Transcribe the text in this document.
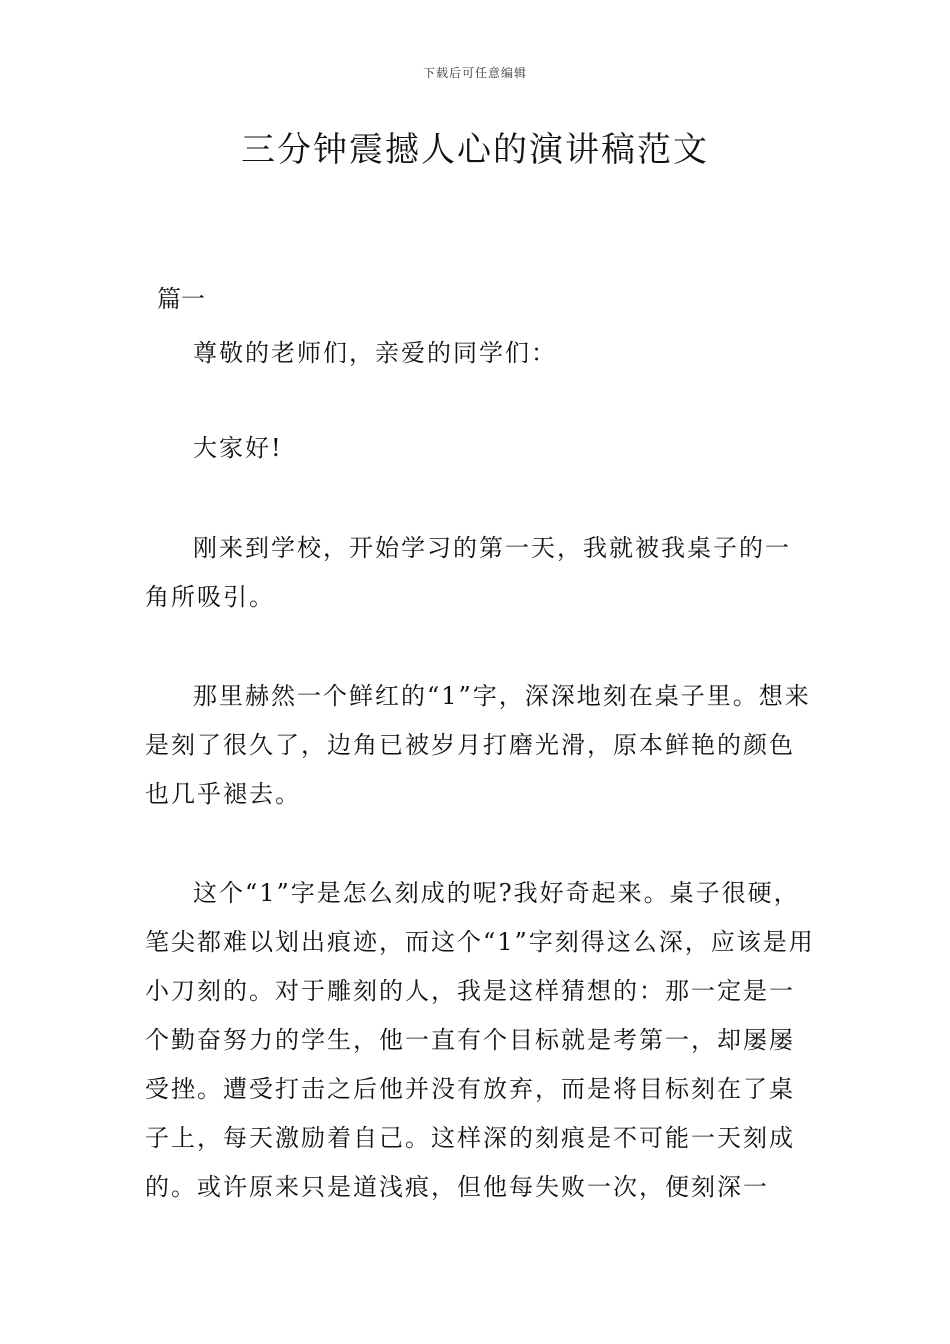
下载后可任意编辑
三分钟震撼人心的演讲稿范文
篇一

尊敬的老师们，亲爱的同学们：

大家好!

刚来到学校，开始学习的第一天，我就被我桌子的一角所吸引。

那里赫然一个鲜红的“1”字，深深地刻在桌子里。想来是刻了很久了，边角已被岁月打磨光滑，原本鲜艳的颜色也几乎褪去。

这个“1”字是怎么刻成的呢?我好奇起来。桌子很硬，笔尖都难以划出痕迹，而这个“1”字刻得这么深，应该是用小刀刻的。对于雕刻的人，我是这样猜想的：那一定是一个勤奋努力的学生，他一直有个目标就是考第一，却屡屡受挫。遭受打击之后他并没有放弃，而是将目标刻在了桌子上，每天激励着自己。这样深的刻痕是不可能一天刻成的。或许原来只是道浅痕，但他每失败一次，便刻深一
